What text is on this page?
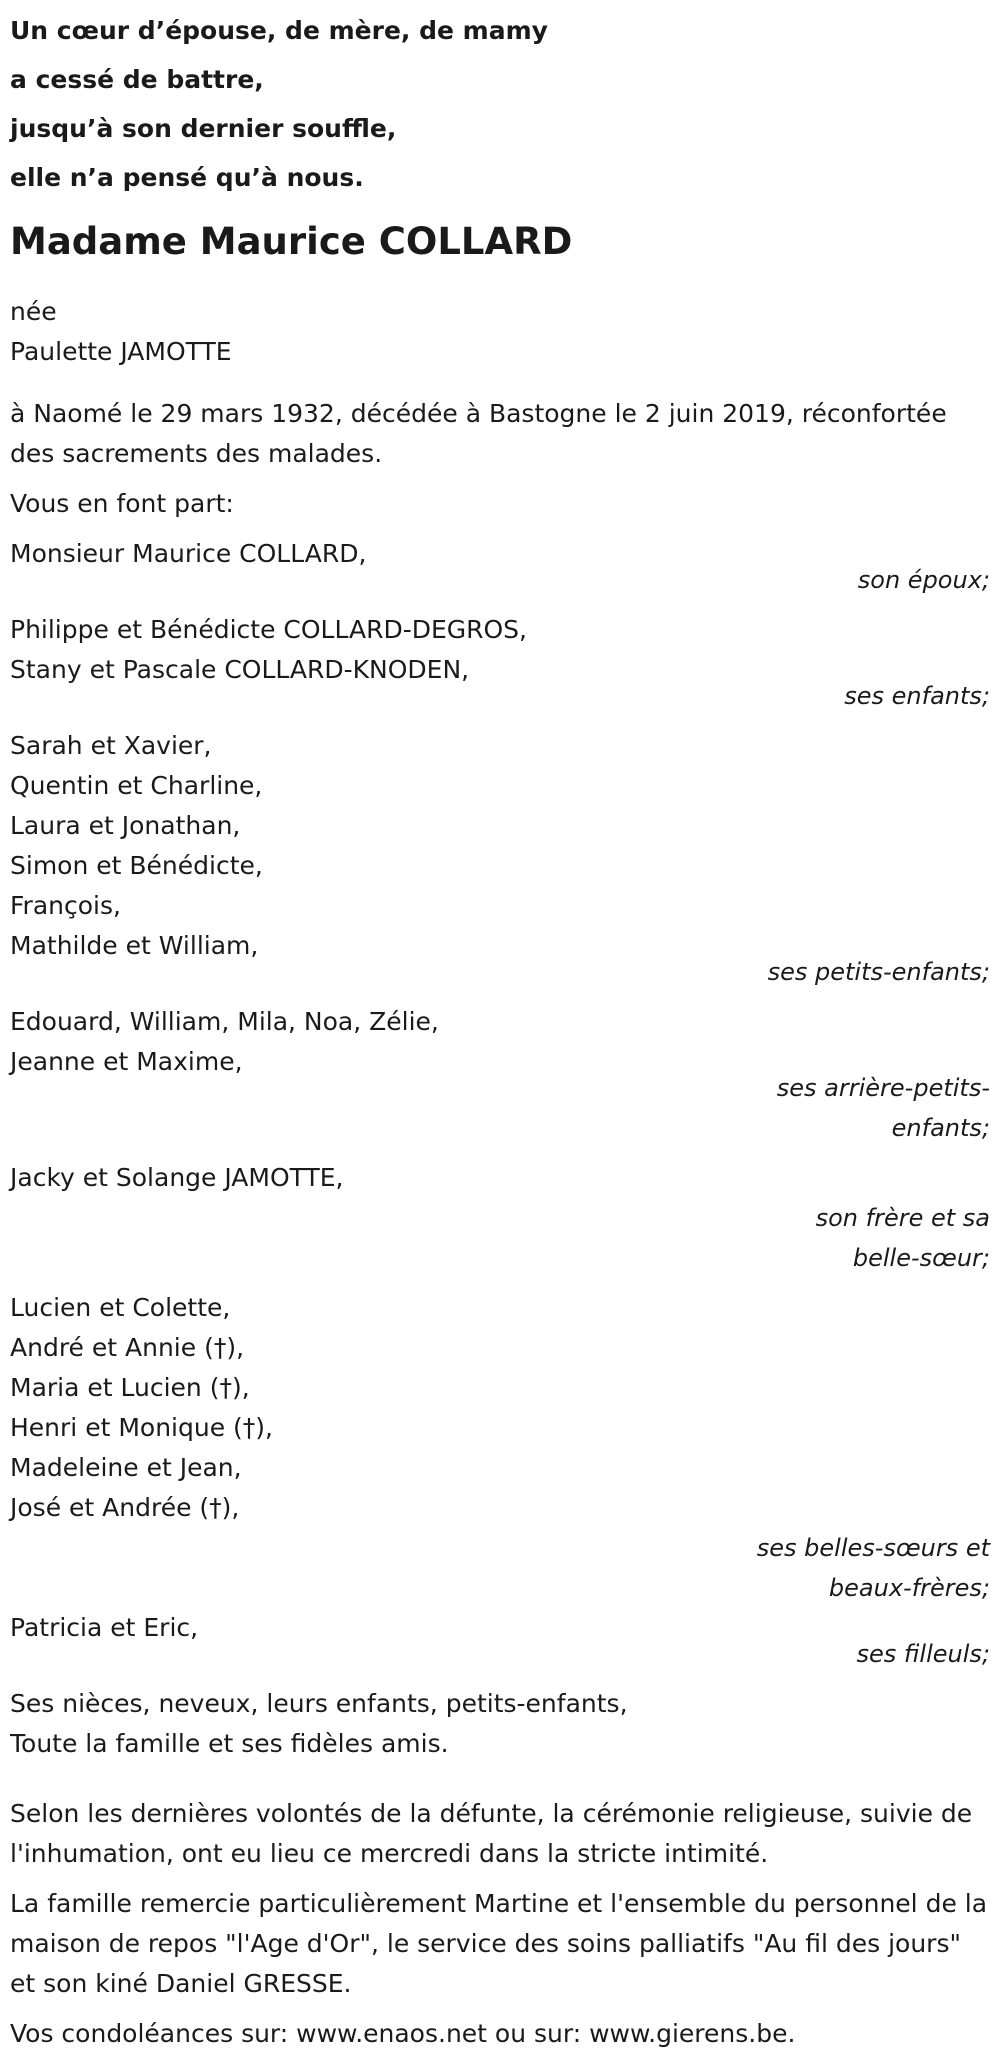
Un cœur d’épouse, de mère, de mamy
a cessé de battre,
jusqu’à son dernier souffle,
elle n’a pensé qu’à nous.
Madame Maurice COLLARD
née
Paulette JAMOTTE
à Naomé le 29 mars 1932, décédée à Bastogne le 2 juin 2019, réconfortée des sacrements des malades.
Vous en font part:
Monsieur Maurice COLLARD,
son époux;
Philippe et Bénédicte COLLARD-DEGROS,
Stany et Pascale COLLARD-KNODEN,
ses enfants;
Sarah et Xavier,
Quentin et Charline,
Laura et Jonathan,
Simon et Bénédicte,
François,
Mathilde et William,
ses petits-enfants;
Edouard, William, Mila, Noa, Zélie,
Jeanne et Maxime,
ses arrière-petits-
enfants;
Jacky et Solange JAMOTTE,
son frère et sa
belle-sœur;
Lucien et Colette,
André et Annie (†),
Maria et Lucien (†),
Henri et Monique (†),
Madeleine et Jean,
José et Andrée (†),
ses belles-sœurs et
beaux-frères;
Patricia et Eric,
ses filleuls;
Ses nièces, neveux, leurs enfants, petits-enfants,
Toute la famille et ses fidèles amis.
Selon les dernières volontés de la défunte, la cérémonie religieuse, suivie de l'inhumation, ont eu lieu ce mercredi dans la stricte intimité.
La famille remercie particulièrement Martine et l'ensemble du personnel de la maison de repos "l'Age d'Or", le service des soins palliatifs "Au fil des jours" et son kiné Daniel GRESSE.
Vos condoléances sur: www.enaos.net ou sur: www.gierens.be.
